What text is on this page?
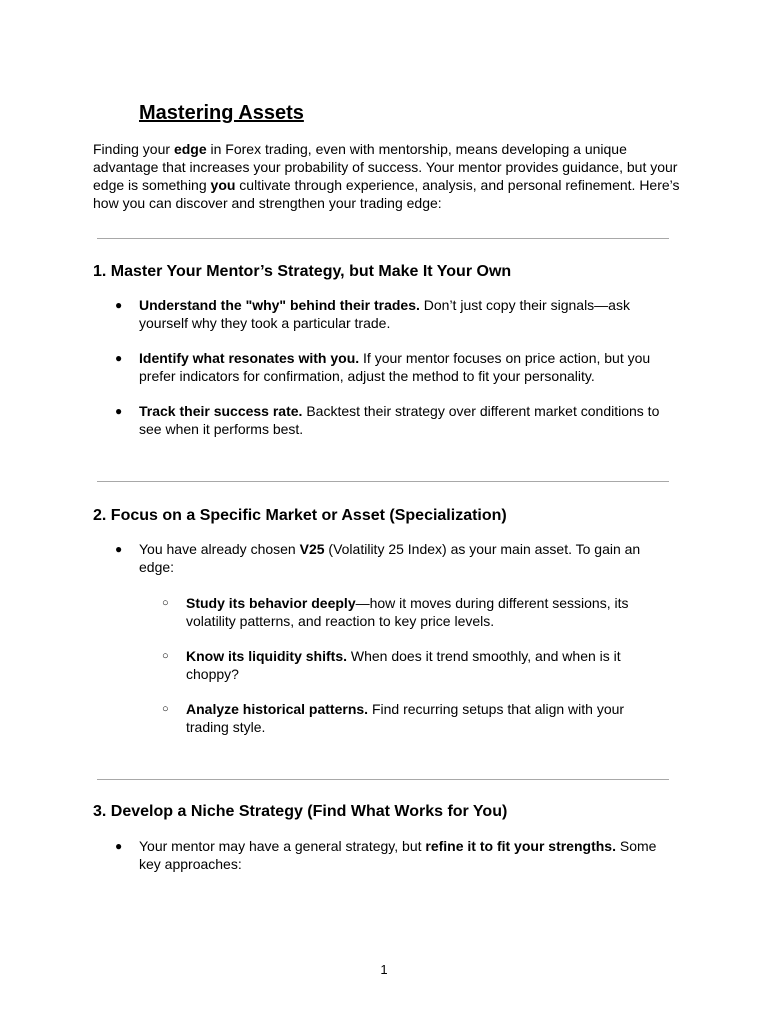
Mastering Assets

Finding your edge in Forex trading, even with mentorship, means developing a unique advantage that increases your probability of success. Your mentor provides guidance, but your edge is something you cultivate through experience, analysis, and personal refinement. Here’s how you can discover and strengthen your trading edge:

1. Master Your Mentor’s Strategy, but Make It Your Own

● Understand the "why" behind their trades. Don’t just copy their signals—ask yourself why they took a particular trade.

● Identify what resonates with you. If your mentor focuses on price action, but you prefer indicators for confirmation, adjust the method to fit your personality.

● Track their success rate. Backtest their strategy over different market conditions to see when it performs best.

2. Focus on a Specific Market or Asset (Specialization)

● You have already chosen V25 (Volatility 25 Index) as your main asset. To gain an edge:

○ Study its behavior deeply—how it moves during different sessions, its volatility patterns, and reaction to key price levels.

○ Know its liquidity shifts. When does it trend smoothly, and when is it choppy?

○ Analyze historical patterns. Find recurring setups that align with your trading style.

3. Develop a Niche Strategy (Find What Works for You)

● Your mentor may have a general strategy, but refine it to fit your strengths. Some key approaches:

1
